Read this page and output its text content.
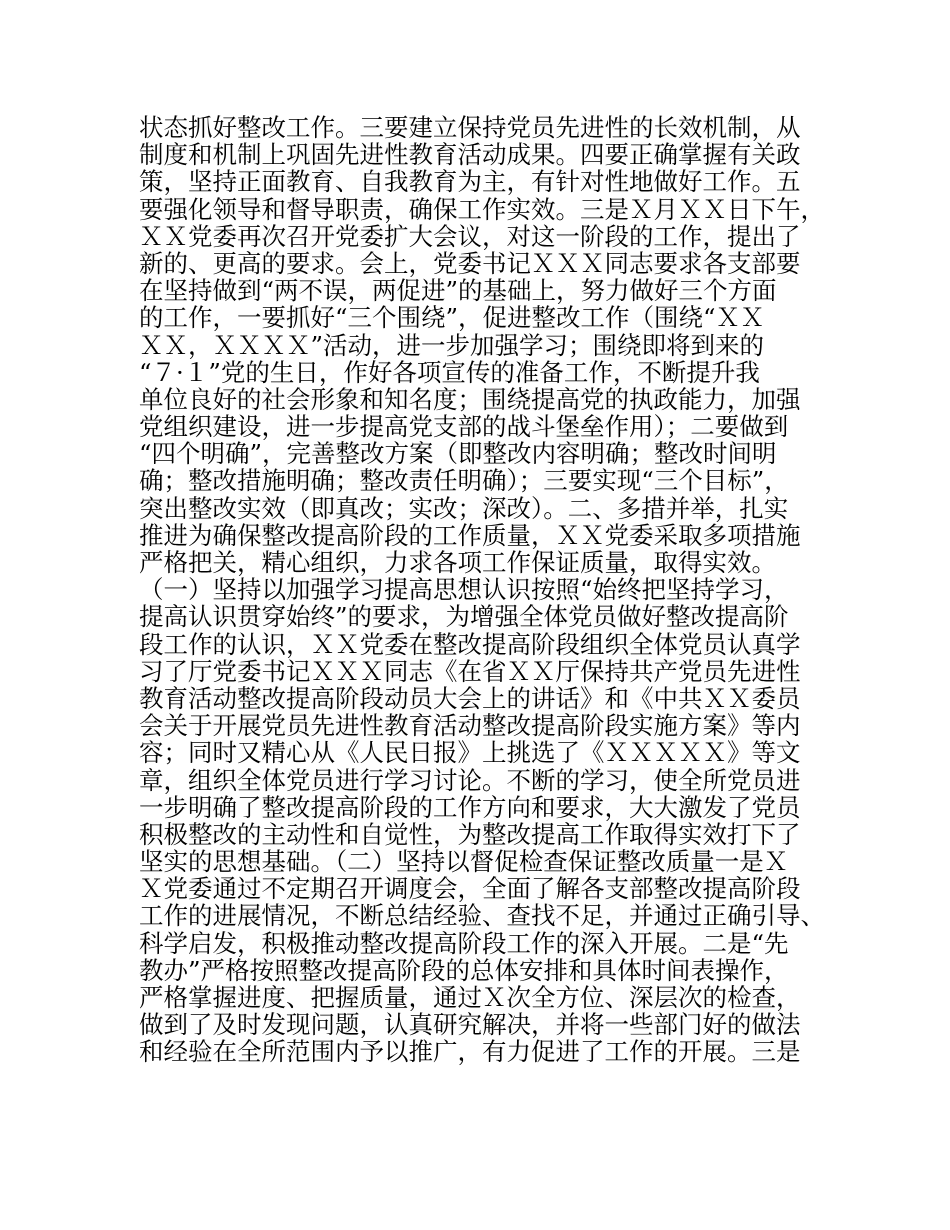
状态抓好整改工作。三要建立保持党员先进性的长效机制，从
制度和机制上巩固先进性教育活动成果。四要正确掌握有关政
策，坚持正面教育、自我教育为主，有针对性地做好工作。五
要强化领导和督导职责，确保工作实效。三是Ｘ月ＸＸ日下午，
ＸＸ党委再次召开党委扩大会议，对这一阶段的工作，提出了
新的、更高的要求。会上，党委书记ＸＸＸ同志要求各支部要
在坚持做到“两不误，两促进”的基础上，努力做好三个方面
的工作，一要抓好“三个围绕”，促进整改工作（围绕“ＸＸ
ＸＸ，ＸＸＸＸ”活动，进一步加强学习；围绕即将到来的
“７·１”党的生日，作好各项宣传的准备工作，不断提升我
单位良好的社会形象和知名度；围绕提高党的执政能力，加强
党组织建设，进一步提高党支部的战斗堡垒作用）；二要做到
“四个明确”，完善整改方案（即整改内容明确；整改时间明
确；整改措施明确；整改责任明确）；三要实现“三个目标”，
突出整改实效（即真改；实改；深改）。二、多措并举，扎实
推进为确保整改提高阶段的工作质量，ＸＸ党委采取多项措施
严格把关，精心组织，力求各项工作保证质量，取得实效。
（一）坚持以加强学习提高思想认识按照“始终把坚持学习，
提高认识贯穿始终”的要求，为增强全体党员做好整改提高阶
段工作的认识，ＸＸ党委在整改提高阶段组织全体党员认真学
习了厅党委书记ＸＸＸ同志《在省ＸＸ厅保持共产党员先进性
教育活动整改提高阶段动员大会上的讲话》和《中共ＸＸ委员
会关于开展党员先进性教育活动整改提高阶段实施方案》等内
容；同时又精心从《人民日报》上挑选了《ＸＸＸＸＸ》等文
章，组织全体党员进行学习讨论。不断的学习，使全所党员进
一步明确了整改提高阶段的工作方向和要求，大大激发了党员
积极整改的主动性和自觉性，为整改提高工作取得实效打下了
坚实的思想基础。（二）坚持以督促检查保证整改质量一是Ｘ
Ｘ党委通过不定期召开调度会，全面了解各支部整改提高阶段
工作的进展情况，不断总结经验、查找不足，并通过正确引导、
科学启发，积极推动整改提高阶段工作的深入开展。二是“先
教办”严格按照整改提高阶段的总体安排和具体时间表操作，
严格掌握进度、把握质量，通过Ｘ次全方位、深层次的检查，
做到了及时发现问题，认真研究解决，并将一些部门好的做法
和经验在全所范围内予以推广，有力促进了工作的开展。三是
